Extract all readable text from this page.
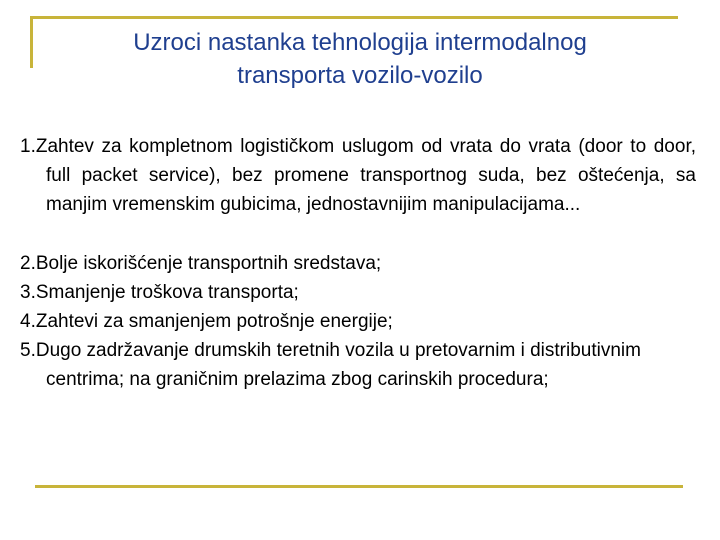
Uzroci nastanka tehnologija intermodalnog
transporta vozilo-vozilo
1.Zahtev za kompletnom logističkom uslugom od vrata do vrata (door to door, full packet service), bez promene transportnog suda, bez oštećenja, sa manjim vremenskim gubicima, jednostavnijim manipulacijama...
2.Bolje iskorišćenje transportnih sredstava;
3.Smanjenje troškova transporta;
4.Zahtevi za smanjenjem potrošnje energije;
5.Dugo zadržavanje drumskih teretnih vozila u pretovarnim i distributivnim centrima; na graničnim prelazima zbog carinskih procedura;
